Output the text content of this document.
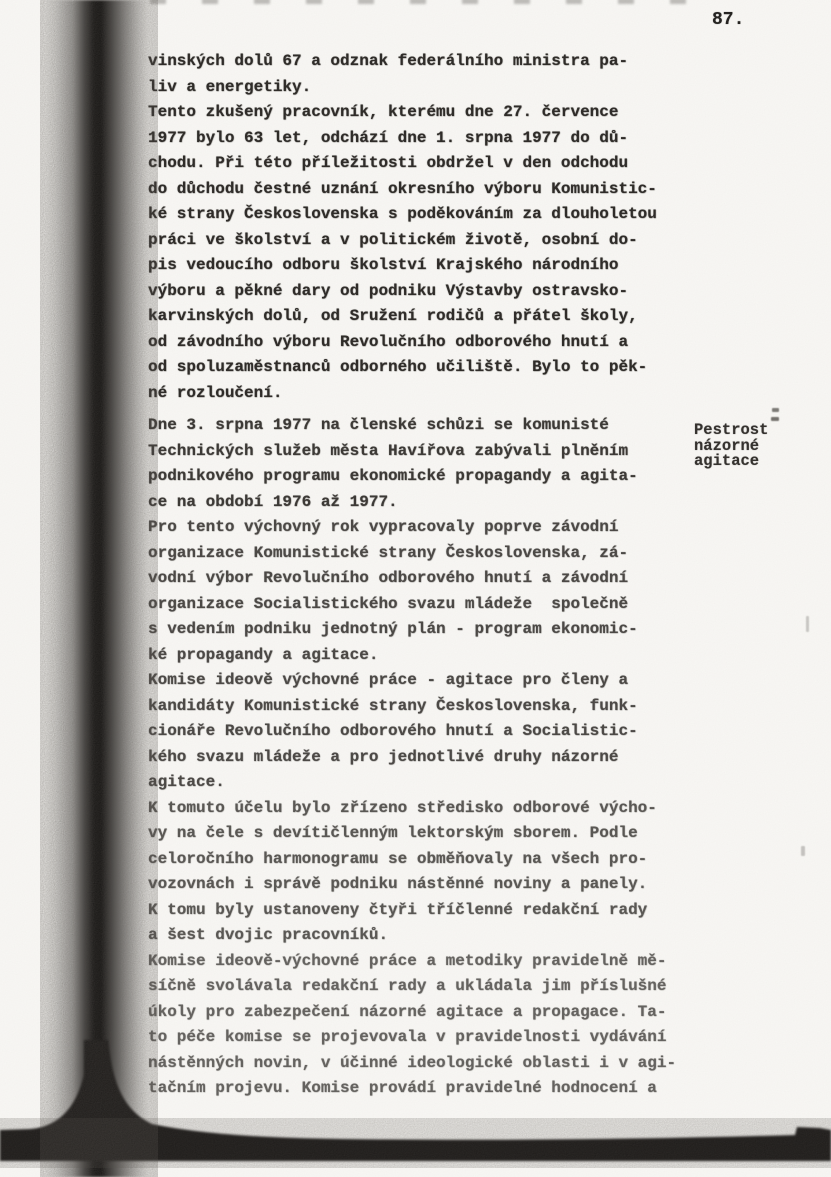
87.
vinských dolů 67 a odznak federálního ministra pa-
liv a energetiky.
Tento zkušený pracovník, kterému dne 27. července
1977 bylo 63 let, odchází dne 1. srpna 1977 do dů-
chodu. Při této příležitosti obdržel v den odchodu
do důchodu čestné uznání okresního výboru Komunistic-
ké strany Československa s poděkováním za dlouholetou
práci ve školství a v politickém životě, osobní do-
pis vedoucího odboru školství Krajského národního
výboru a pěkné dary od podniku Výstavby ostravsko-
karvinských dolů, od Sružení rodičů a přátel školy,
od závodního výboru Revolučního odborového hnutí a
od spoluzaměstnanců odborného učiliště. Bylo to pěk-
né rozloučení.
Dne 3. srpna 1977 na členské schůzi se komunisté
Technických služeb města Havířova zabývali plněním
podnikového programu ekonomické propagandy a agita-
ce na období 1976 až 1977.
Pro tento výchovný rok vypracovaly poprve závodní
organizace Komunistické strany Československa, zá-
vodní výbor Revolučního odborového hnutí a závodní
organizace Socialistického svazu mládeže  společně
s vedením podniku jednotný plán - program ekonomic-
ké propagandy a agitace.
Komise ideově výchovné práce - agitace pro členy a
kandidáty Komunistické strany Československa, funk-
cionáře Revolučního odborového hnutí a Socialistic-
kého svazu mládeže a pro jednotlivé druhy názorné
agitace.
K tomuto účelu bylo zřízeno středisko odborové výcho-
vy na čele s devítičlenným lektorským sborem. Podle
celoročního harmonogramu se obměňovaly na všech pro-
vozovnách i správě podniku nástěnné noviny a panely.
K tomu byly ustanoveny čtyři tříčlenné redakční rady
a šest dvojic pracovníků.
Komise ideově-výchovné práce a metodiky pravidelně mě-
síčně svolávala redakční rady a ukládala jim příslušné
úkoly pro zabezpečení názorné agitace a propagace. Ta-
to péče komise se projevovala v pravidelnosti vydávání
nástěnných novin, v účinné ideologické oblasti i v agi-
tačním projevu. Komise provádí pravidelné hodnocení a
Pestrost
názorné
agitace
